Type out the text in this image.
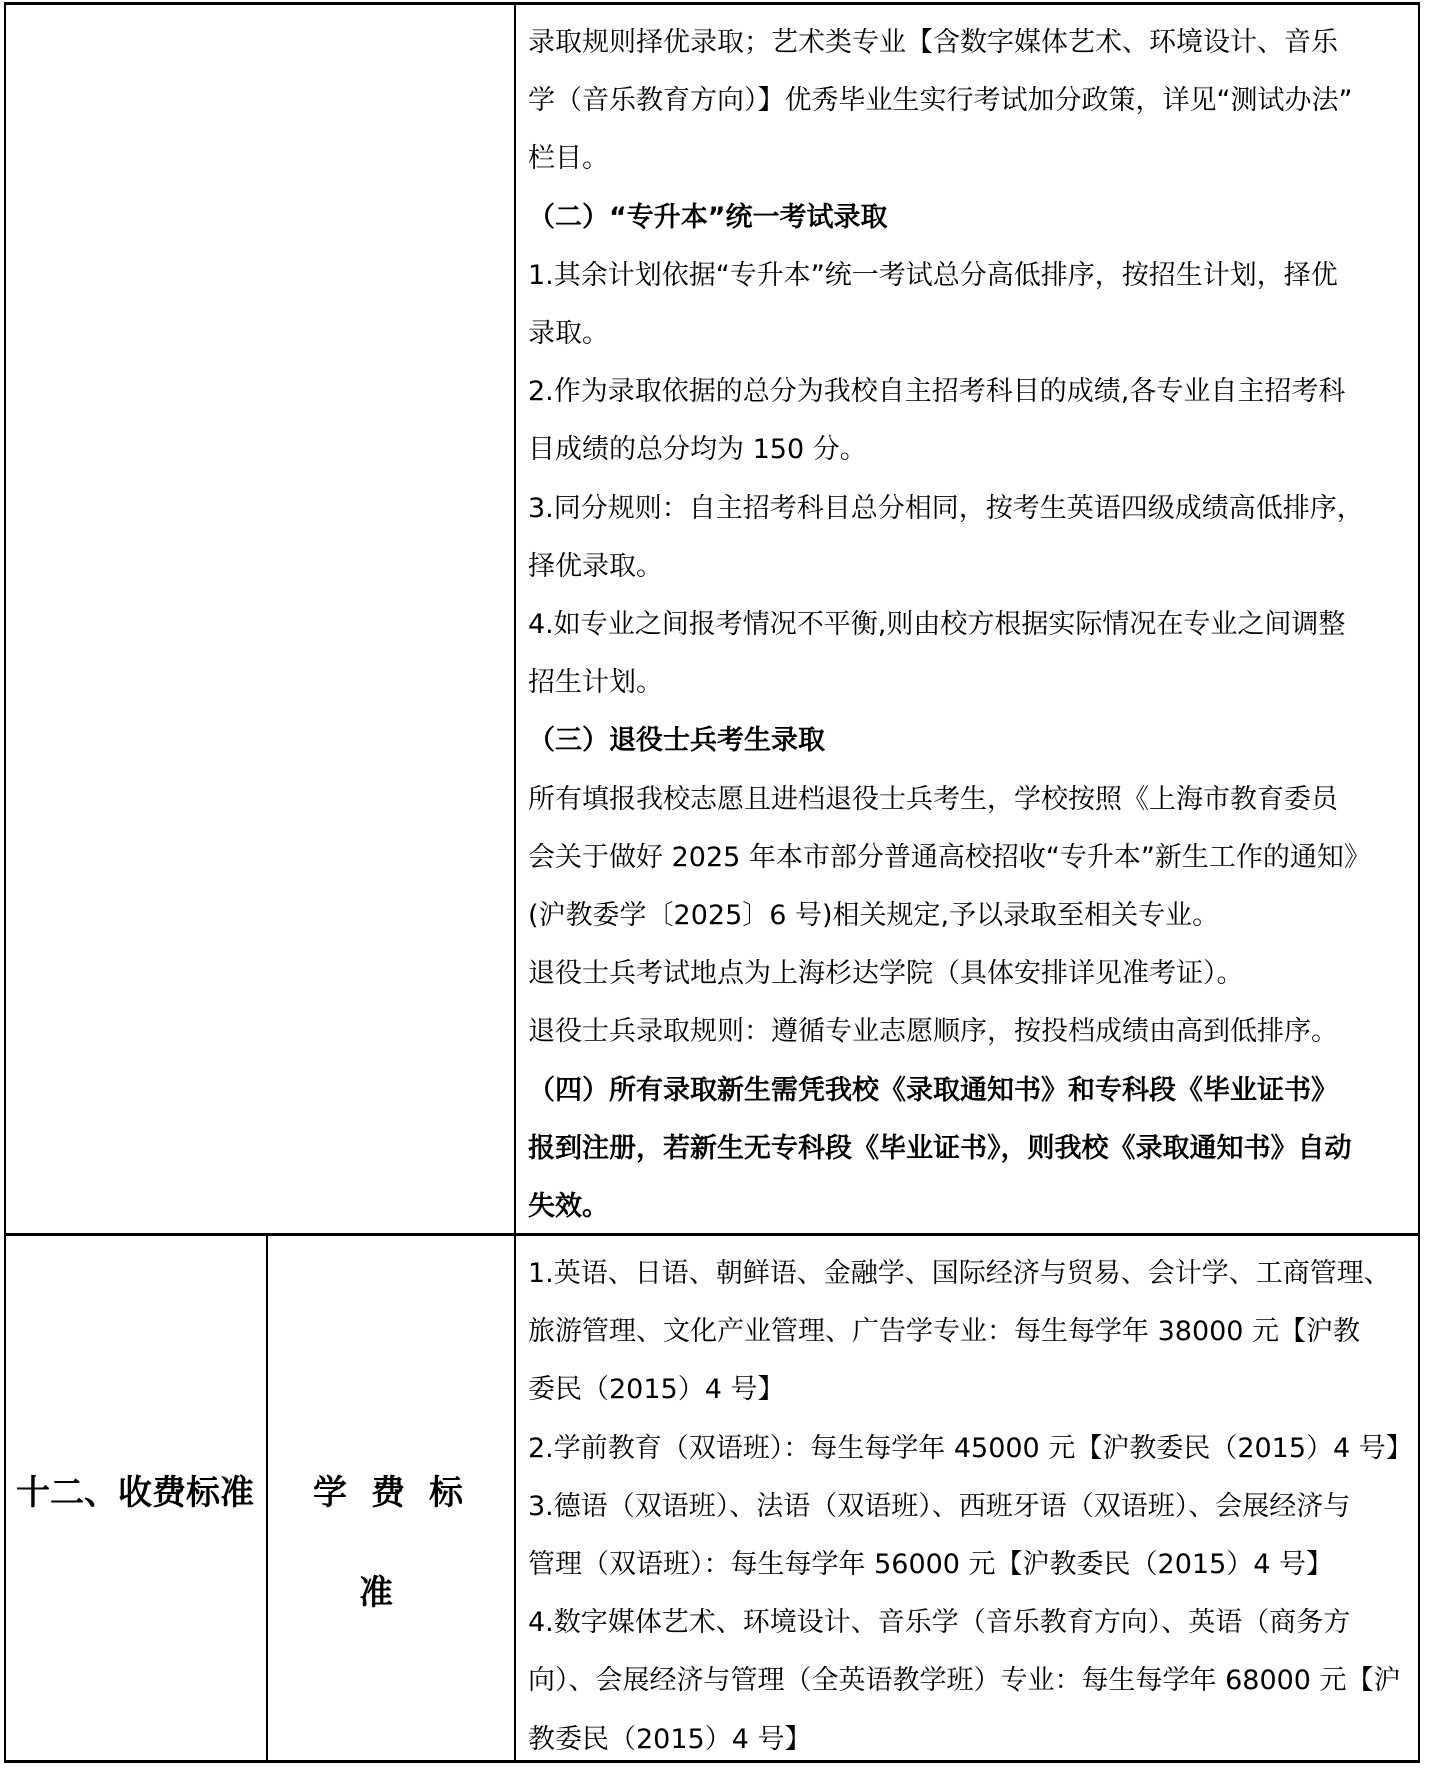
录取规则择优录取；艺术类专业【含数字媒体艺术、环境设计、音乐
学（音乐教育方向）】优秀毕业生实行考试加分政策，详见“测试办法”
栏目。
（二）“专升本”统一考试录取
1.其余计划依据“专升本”统一考试总分高低排序，按招生计划，择优
录取。
2.作为录取依据的总分为我校自主招考科目的成绩,各专业自主招考科
目成绩的总分均为 150 分。
3.同分规则：自主招考科目总分相同，按考生英语四级成绩高低排序，
择优录取。
4.如专业之间报考情况不平衡,则由校方根据实际情况在专业之间调整
招生计划。
（三）退役士兵考生录取
所有填报我校志愿且进档退役士兵考生，学校按照《上海市教育委员
会关于做好 2025 年本市部分普通高校招收“专升本”新生工作的通知》
(沪教委学〔2025〕6 号)相关规定,予以录取至相关专业。
退役士兵考试地点为上海杉达学院（具体安排详见准考证）。
退役士兵录取规则：遵循专业志愿顺序，按投档成绩由高到低排序。
（四）所有录取新生需凭我校《录取通知书》和专科段《毕业证书》
报到注册，若新生无专科段《毕业证书》，则我校《录取通知书》自动
失效。
十二、收费标准	学费标准
1.英语、日语、朝鲜语、金融学、国际经济与贸易、会计学、工商管理、
旅游管理、文化产业管理、广告学专业：每生每学年 38000 元【沪教
委民（2015）4 号】
2.学前教育（双语班）：每生每学年 45000 元【沪教委民（2015）4 号】
3.德语（双语班）、法语（双语班）、西班牙语（双语班）、会展经济与
管理（双语班）：每生每学年 56000 元【沪教委民（2015）4 号】
4.数字媒体艺术、环境设计、音乐学（音乐教育方向）、英语（商务方
向）、会展经济与管理（全英语教学班）专业：每生每学年 68000 元【沪
教委民（2015）4 号】
